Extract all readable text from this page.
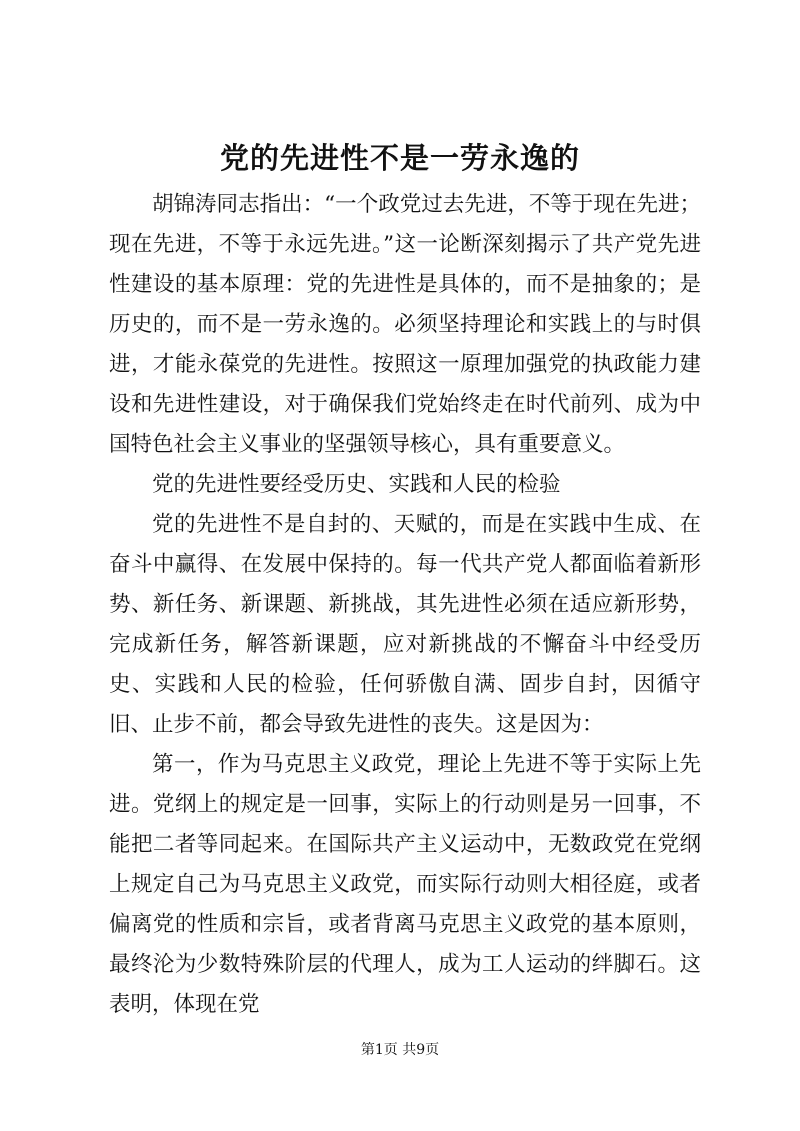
党的先进性不是一劳永逸的

胡锦涛同志指出：“一个政党过去先进，不等于现在先进；现在先进，不等于永远先进。”这一论断深刻揭示了共产党先进性建设的基本原理：党的先进性是具体的，而不是抽象的；是历史的，而不是一劳永逸的。必须坚持理论和实践上的与时俱进，才能永葆党的先进性。按照这一原理加强党的执政能力建设和先进性建设，对于确保我们党始终走在时代前列、成为中国特色社会主义事业的坚强领导核心，具有重要意义。

党的先进性要经受历史、实践和人民的检验

党的先进性不是自封的、天赋的，而是在实践中生成、在奋斗中赢得、在发展中保持的。每一代共产党人都面临着新形势、新任务、新课题、新挑战，其先进性必须在适应新形势，完成新任务，解答新课题，应对新挑战的不懈奋斗中经受历史、实践和人民的检验，任何骄傲自满、固步自封，因循守旧、止步不前，都会导致先进性的丧失。这是因为：

第一，作为马克思主义政党，理论上先进不等于实际上先进。党纲上的规定是一回事，实际上的行动则是另一回事，不能把二者等同起来。在国际共产主义运动中，无数政党在党纲上规定自己为马克思主义政党，而实际行动则大相径庭，或者偏离党的性质和宗旨，或者背离马克思主义政党的基本原则，最终沦为少数特殊阶层的代理人，成为工人运动的绊脚石。这表明，体现在党

第1页 共9页
